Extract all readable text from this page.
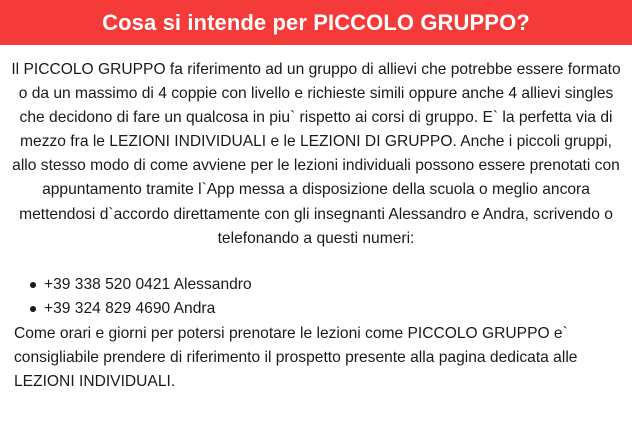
Cosa si intende per PICCOLO GRUPPO?

Il PICCOLO GRUPPO fa riferimento ad un gruppo di allievi che potrebbe essere formato o da un massimo di 4 coppie con livello e richieste simili oppure anche 4 allievi singles che decidono di fare un qualcosa in piu` rispetto ai corsi di gruppo. E` la perfetta via di mezzo fra le LEZIONI INDIVIDUALI e le LEZIONI DI GRUPPO. Anche i piccoli gruppi, allo stesso modo di come avviene per le lezioni individuali possono essere prenotati con appuntamento tramite l`App messa a disposizione della scuola o meglio ancora mettendosi d`accordo direttamente con gli insegnanti Alessandro e Andra, scrivendo o telefonando a questi numeri:

+39 338 520 0421 Alessandro
+39 324 829 4690 Andra

Come orari e giorni per potersi prenotare le lezioni come PICCOLO GRUPPO e` consigliabile prendere di riferimento il prospetto presente alla pagina dedicata alle LEZIONI INDIVIDUALI.
